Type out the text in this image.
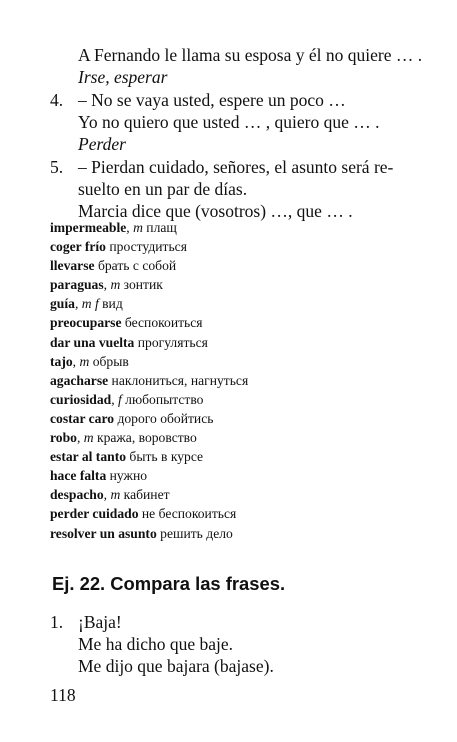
A Fernando le llama su esposa y él no quiere … .
Irse, esperar
4. – No se vaya usted, espere un poco …
Yo no quiero que usted … , quiero que … .
Perder
5. – Pierdan cuidado, señores, el asunto será re-
suelto en un par de días.
Marcia dice que (vosotros) …, que … .
impermeable, m плащ
coger frío простудиться
llevarse брать с собой
paraguas, m зонтик
guía, m f вид
preocuparse беспокоиться
dar una vuelta прогуляться
tajo, m обрыв
agacharse наклониться, нагнуться
curiosidad, f любопытство
costar caro дорого обойтись
robo, m кража, воровство
estar al tanto быть в курсе
hace falta нужно
despacho, m кабинет
perder cuidado не беспокоиться
resolver un asunto решить дело
Ej. 22. Compara las frases.
1. ¡Baja!
Me ha dicho que baje.
Me dijo que bajara (bajase).
118
